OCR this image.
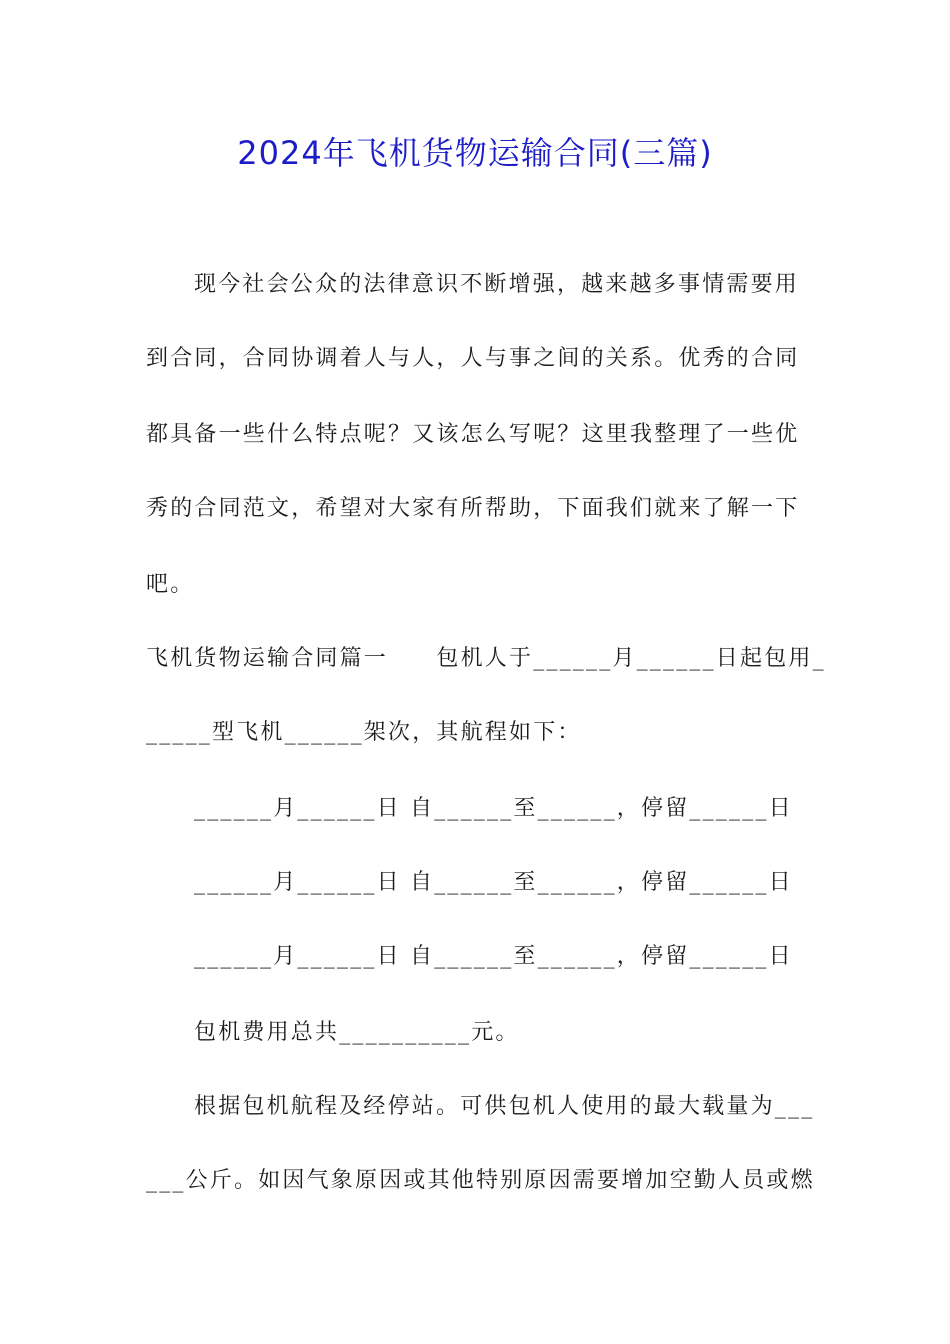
2024年飞机货物运输合同(三篇)
现今社会公众的法律意识不断增强，越来越多事情需要用
到合同，合同协调着人与人，人与事之间的关系。优秀的合同
都具备一些什么特点呢？又该怎么写呢？这里我整理了一些优
秀的合同范文，希望对大家有所帮助，下面我们就来了解一下
吧。
飞机货物运输合同篇一　　包机人于______月______日起包用_
_____型飞机______架次，其航程如下：
______月______日 自______至______，停留______日
______月______日 自______至______，停留______日
______月______日 自______至______，停留______日
包机费用总共__________元。
根据包机航程及经停站。可供包机人使用的最大载量为___
___公斤。如因气象原因或其他特别原因需要增加空勤人员或燃
